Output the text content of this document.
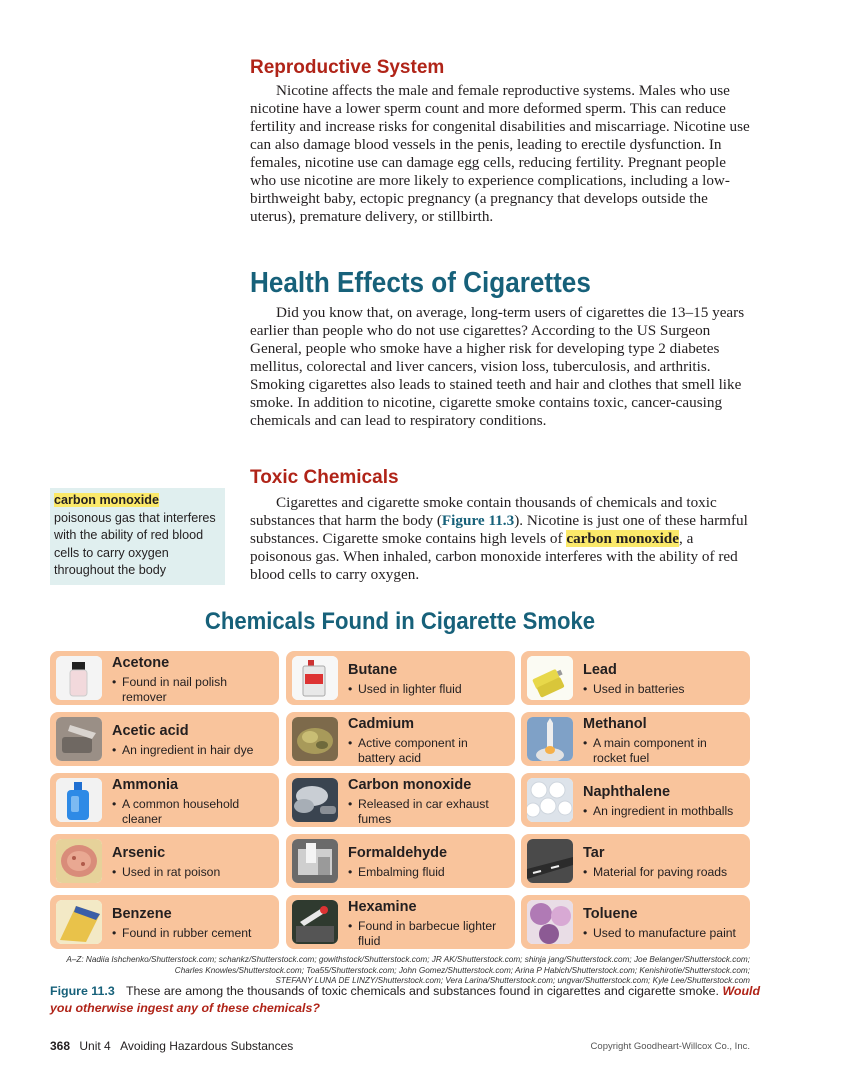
Reproductive System

Nicotine affects the male and female reproductive systems. Males who use nicotine have a lower sperm count and more deformed sperm. This can reduce fertility and increase risks for congenital disabilities and miscarriage. Nicotine use can also damage blood vessels in the penis, leading to erectile dysfunction. In females, nicotine use can damage egg cells, reducing fertility. Pregnant people who use nicotine are more likely to experience complications, including a low-birthweight baby, ectopic pregnancy (a pregnancy that develops outside the uterus), premature delivery, or stillbirth.

Health Effects of Cigarettes

Did you know that, on average, long-term users of cigarettes die 13–15 years earlier than people who do not use cigarettes? According to the US Surgeon General, people who smoke have a higher risk for developing type 2 diabetes mellitus, colorectal and liver cancers, vision loss, tuberculosis, and arthritis. Smoking cigarettes also leads to stained teeth and hair and clothes that smell like smoke. In addition to nicotine, cigarette smoke contains toxic, cancer-causing chemicals and can lead to respiratory conditions.

Toxic Chemicals

Cigarettes and cigarette smoke contain thousands of chemicals and toxic substances that harm the body (Figure 11.3). Nicotine is just one of these harmful substances. Cigarette smoke contains high levels of carbon monoxide, a poisonous gas. When inhaled, carbon monoxide interferes with the ability of red blood cells to carry oxygen.

carbon monoxide
poisonous gas that interferes with the ability of red blood cells to carry oxygen throughout the body
Chemicals Found in Cigarette Smoke
Acetone
• Found in nail polish remover
Butane
• Used in lighter fluid
Lead
• Used in batteries
Acetic acid
• An ingredient in hair dye
Cadmium
• Active component in battery acid
Methanol
• A main component in rocket fuel
Ammonia
• A common household cleaner
Carbon monoxide
• Released in car exhaust fumes
Naphthalene
• An ingredient in mothballs
Arsenic
• Used in rat poison
Formaldehyde
• Embalming fluid
Tar
• Material for paving roads
Benzene
• Found in rubber cement
Hexamine
• Found in barbecue lighter fluid
Toluene
• Used to manufacture paint
A–Z: Nadiia Ishchenko/Shutterstock.com; schankz/Shutterstock.com; gowithstock/Shutterstock.com; JR AK/Shutterstock.com; shinja jang/Shutterstock.com; Joe Belanger/Shutterstock.com;
Charles Knowles/Shutterstock.com; Toa55/Shutterstock.com; John Gomez/Shutterstock.com; Arina P Habich/Shutterstock.com; Kenishirotie/Shutterstock.com;
STEFANY LUNA DE LINZY/Shutterstock.com; Vera Larina/Shutterstock.com; ungvar/Shutterstock.com; Kyle Lee/Shutterstock.com
Figure 11.3 These are among the thousands of toxic chemicals and substances found in cigarettes and cigarette smoke. Would you otherwise ingest any of these chemicals?
368 Unit 4   Avoiding Hazardous Substances	Copyright Goodheart-Willcox Co., Inc.
